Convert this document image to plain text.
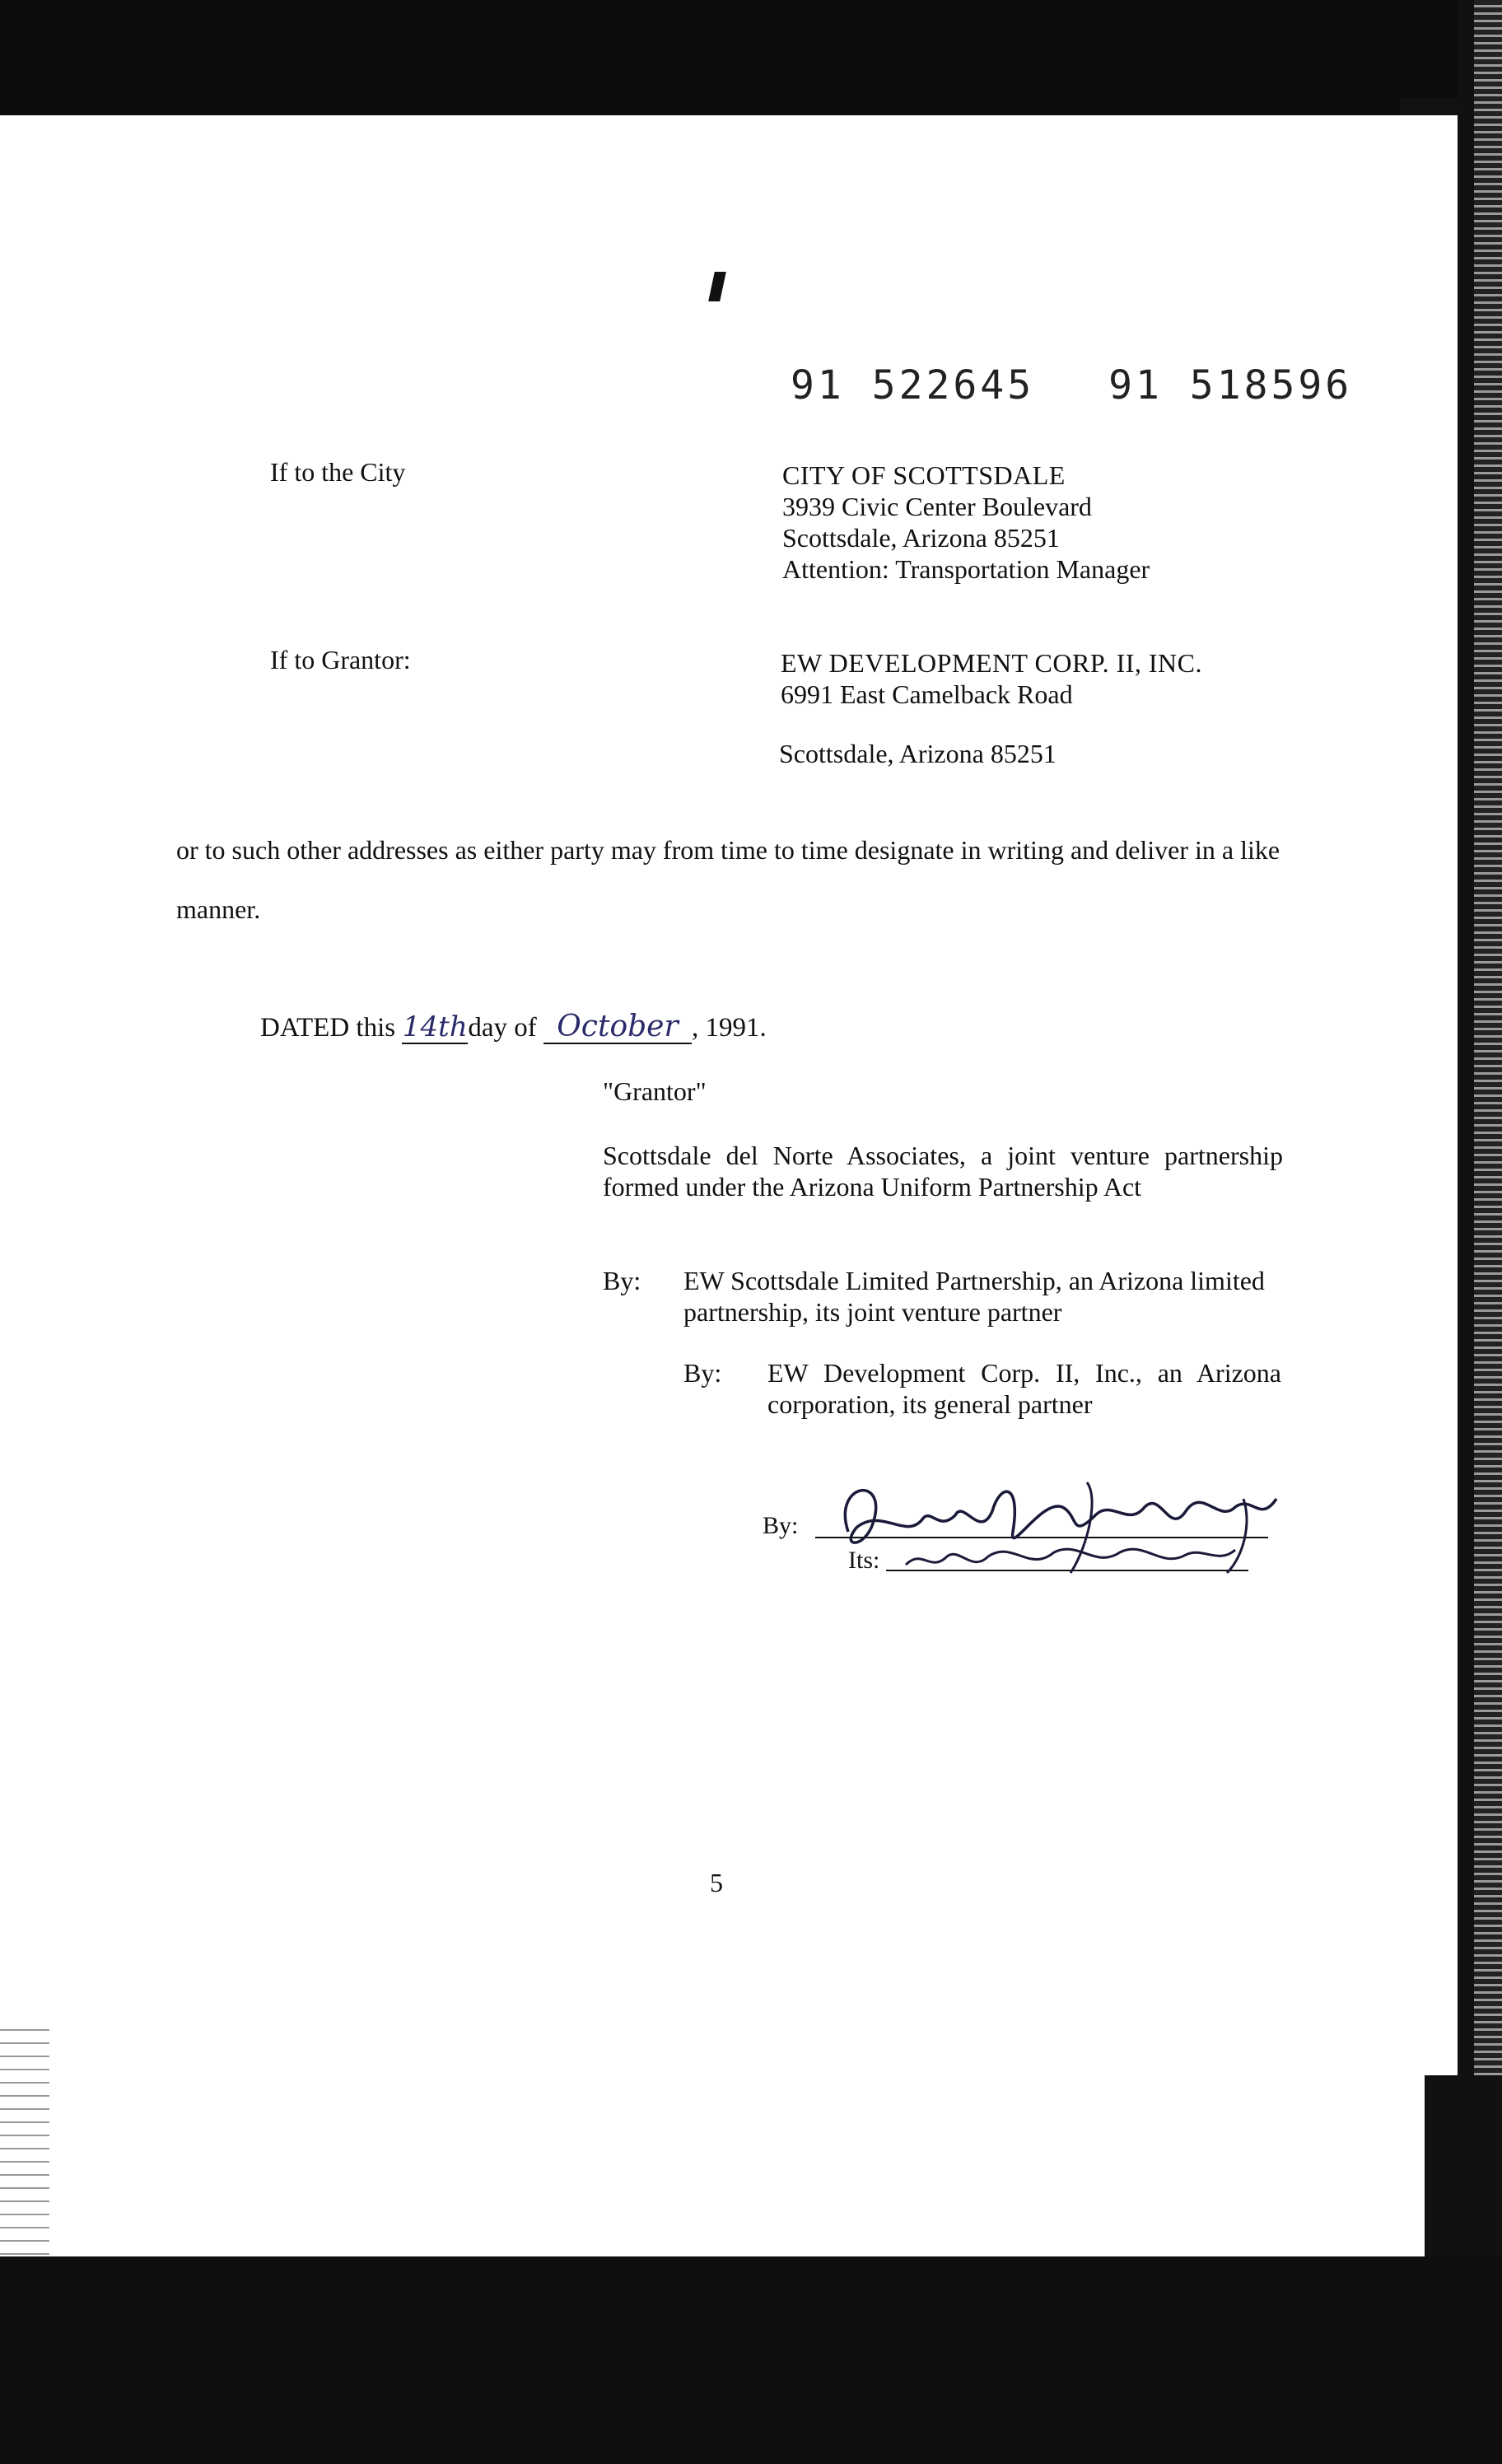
91 522645 91 518596
If to the City	CITY OF SCOTTSDALE
3939 Civic Center Boulevard
Scottsdale, Arizona 85251
Attention: Transportation Manager
If to Grantor:	EW DEVELOPMENT CORP. II, INC.
6991 East Camelback Road
Scottsdale, Arizona 85251
or to such other addresses as either party may from time to time designate in writing and deliver in a like manner.
DATED this 14thday of October , 1991.
"Grantor"
Scottsdale del Norte Associates, a joint venture partnership formed under the Arizona Uniform Partnership Act
By: EW Scottsdale Limited Partnership, an Arizona limited partnership, its joint venture partner
By: EW Development Corp. II, Inc., an Arizona corporation, its general partner
By:
Its:
5
